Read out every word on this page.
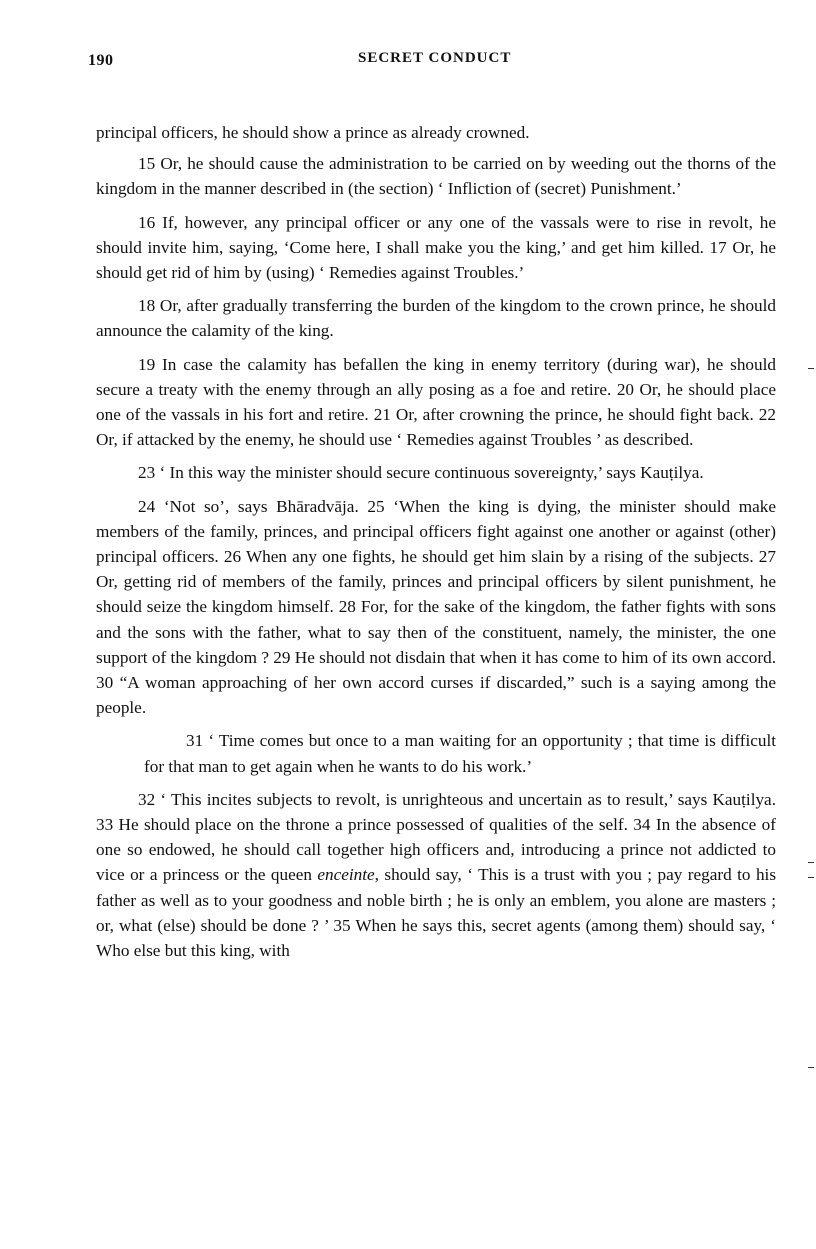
190	SECRET CONDUCT

principal officers, he should show a prince as already crowned.

15 Or, he should cause the administration to be carried on by weeding out the thorns of the kingdom in the manner described in (the section) ‘ Infliction of (secret) Punishment.’

16 If, however, any principal officer or any one of the vassals were to rise in revolt, he should invite him, saying, ‘Come here, I shall make you the king,’ and get him killed. 17 Or, he should get rid of him by (using) ‘ Remedies against Troubles.’

18 Or, after gradually transferring the burden of the kingdom to the crown prince, he should announce the calamity of the king.

19 In case the calamity has befallen the king in enemy territory (during war), he should secure a treaty with the enemy through an ally posing as a foe and retire. 20 Or, he should place one of the vassals in his fort and retire. 21 Or, after crowning the prince, he should fight back. 22 Or, if attacked by the enemy, he should use ‘ Remedies against Troubles ’ as described.

23 ‘ In this way the minister should secure continuous sovereignty,’ says Kauṭilya.

24 ‘Not so’, says Bhāradvāja. 25 ‘When the king is dying, the minister should make members of the family, princes, and principal officers fight against one another or against (other) principal officers. 26 When any one fights, he should get him slain by a rising of the subjects. 27 Or, getting rid of members of the family, princes and principal officers by silent punishment, he should seize the kingdom himself. 28 For, for the sake of the kingdom, the father fights with sons and the sons with the father, what to say then of the constituent, namely, the minister, the one support of the kingdom ? 29 He should not disdain that when it has come to him of its own accord. 30 “A woman approaching of her own accord curses if discarded,” such is a saying among the people.

31 ‘ Time comes but once to a man waiting for an opportunity ; that time is difficult for that man to get again when he wants to do his work.’

32 ‘ This incites subjects to revolt, is unrighteous and uncertain as to result,’ says Kauṭilya. 33 He should place on the throne a prince possessed of qualities of the self. 34 In the absence of one so endowed, he should call together high officers and, introducing a prince not addicted to vice or a princess or the queen enceinte, should say, ‘ This is a trust with you ; pay regard to his father as well as to your goodness and noble birth ; he is only an emblem, you alone are masters ; or, what (else) should be done ? ’ 35 When he says this, secret agents (among them) should say, ‘ Who else but this king, with
